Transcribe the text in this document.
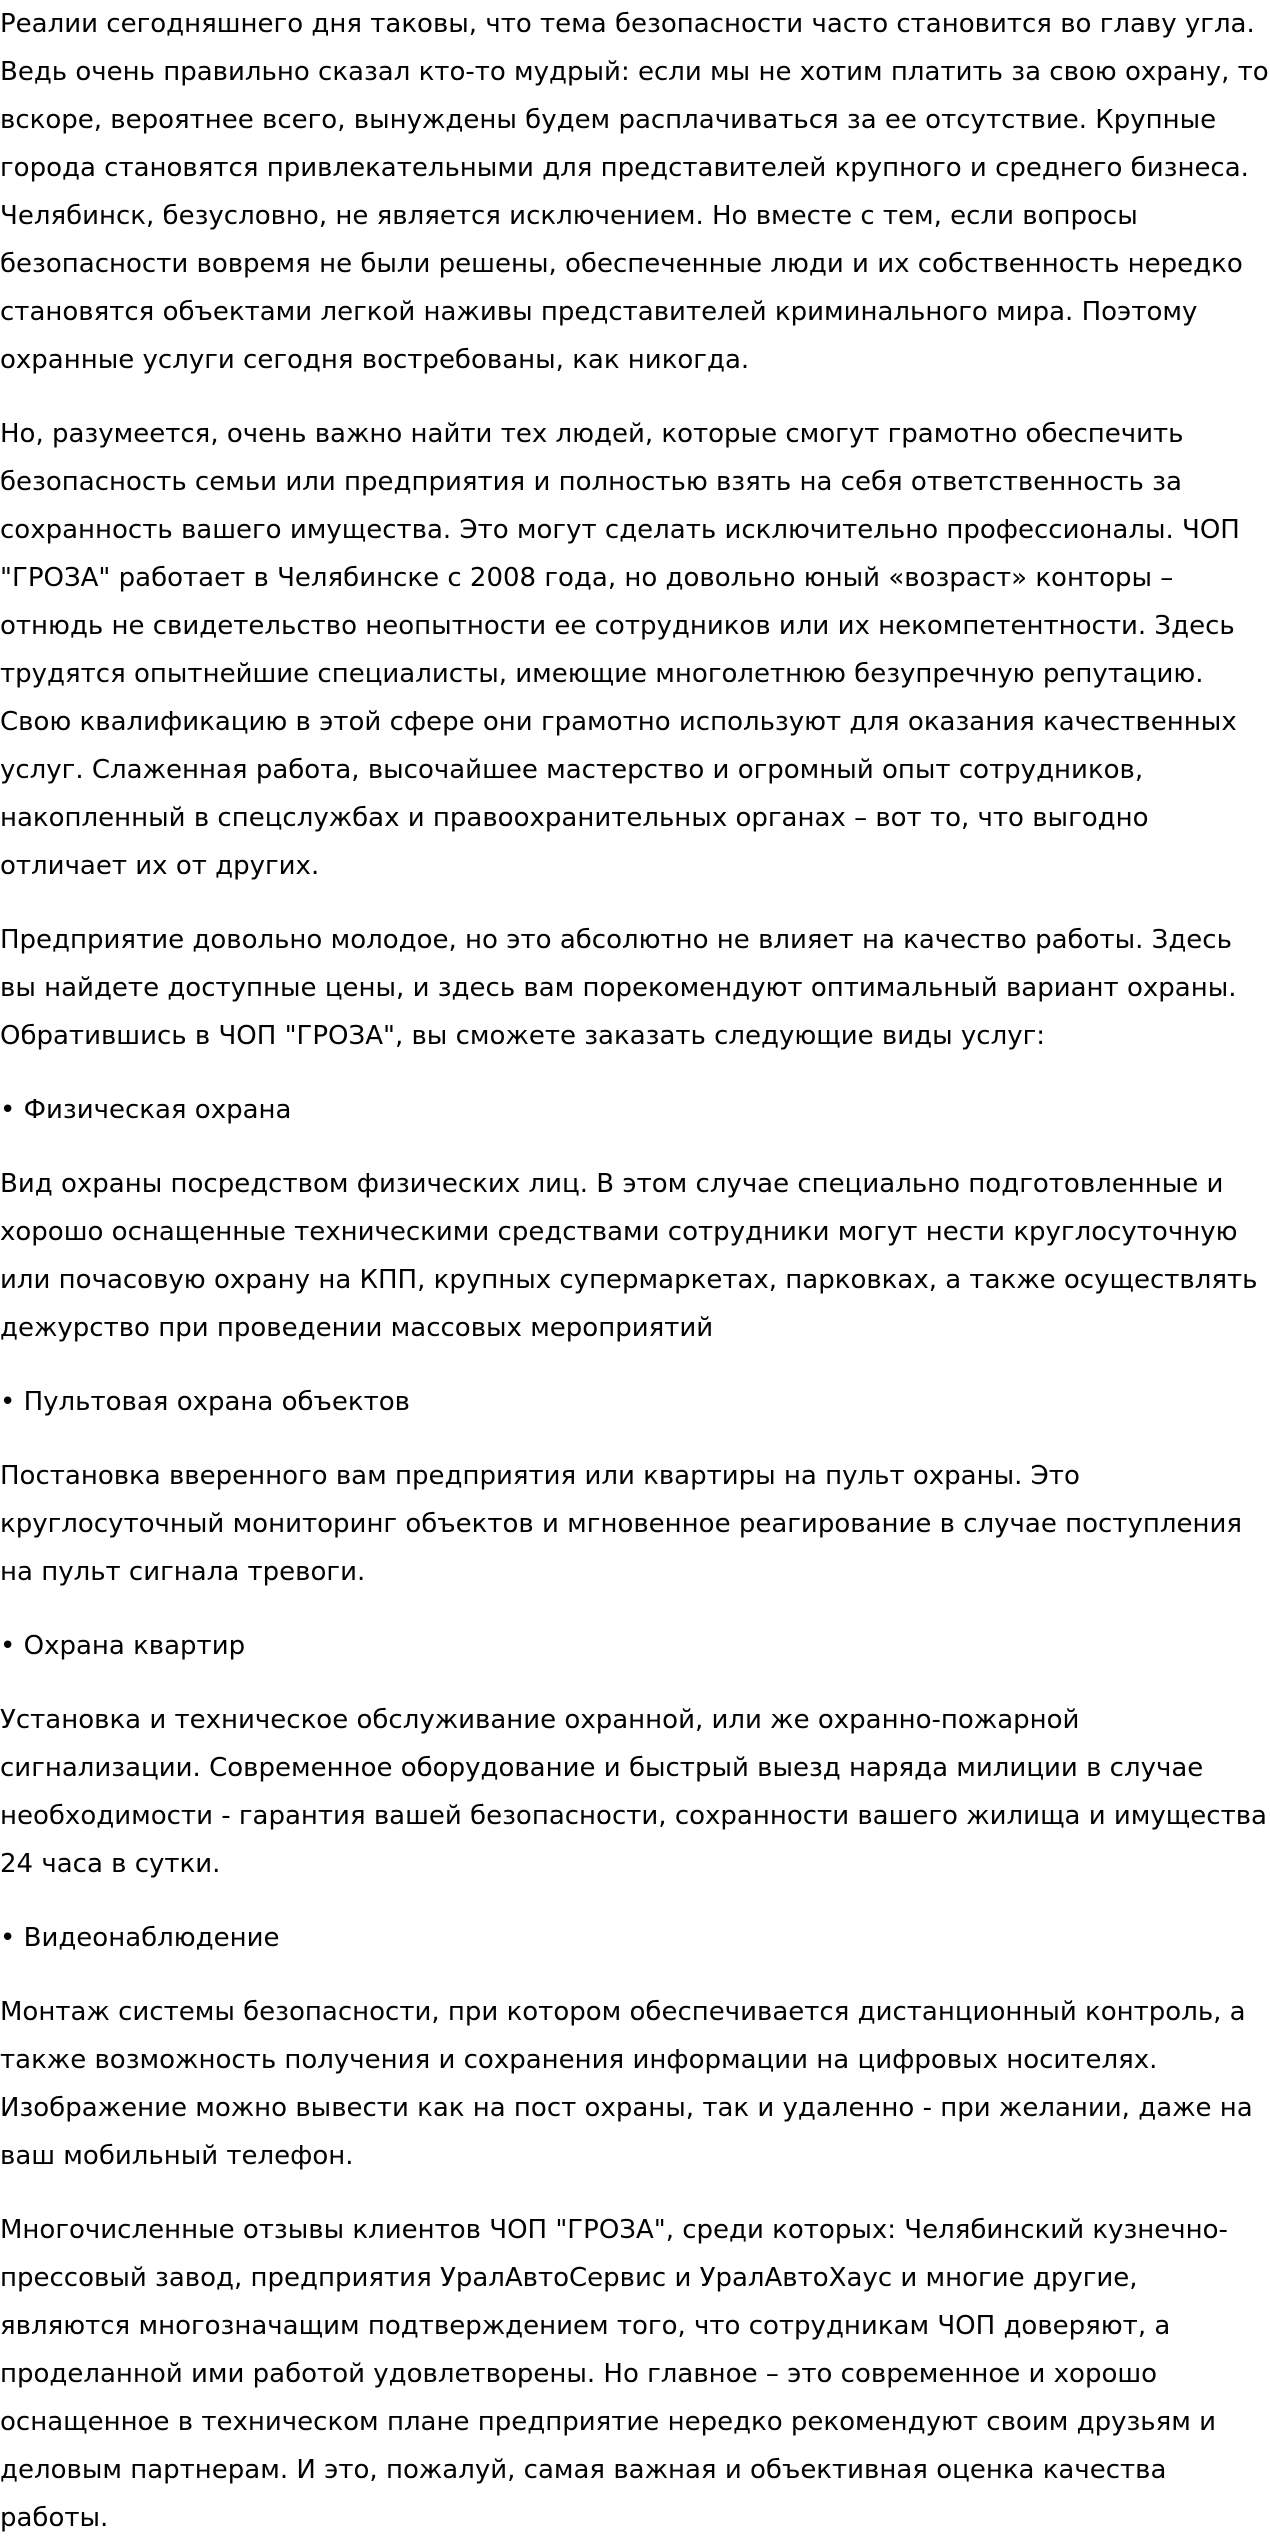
Реалии сегодняшнего дня таковы, что тема безопасности часто становится во главу угла. Ведь очень правильно сказал кто-то мудрый: если мы не хотим платить за свою охрану, то вскоре, вероятнее всего, вынуждены будем расплачиваться за ее отсутствие. Крупные города становятся привлекательными для представителей крупного и среднего бизнеса. Челябинск, безусловно, не является исключением. Но вместе с тем, если вопросы безопасности вовремя не были решены, обеспеченные люди и их собственность нередко становятся объектами легкой наживы представителей криминального мира. Поэтому охранные услуги сегодня востребованы, как никогда.

Но, разумеется, очень важно найти тех людей, которые смогут грамотно обеспечить безопасность семьи или предприятия и полностью взять на себя ответственность за сохранность вашего имущества. Это могут сделать исключительно профессионалы. ЧОП "ГРОЗА" работает в Челябинске с 2008 года, но довольно юный «возраст» конторы – отнюдь не свидетельство неопытности ее сотрудников или их некомпетентности. Здесь трудятся опытнейшие специалисты, имеющие многолетнюю безупречную репутацию. Свою квалификацию в этой сфере они грамотно используют для оказания качественных услуг. Слаженная работа, высочайшее мастерство и огромный опыт сотрудников, накопленный в спецслужбах и правоохранительных органах – вот то, что выгодно отличает их от других.

Предприятие довольно молодое, но это абсолютно не влияет на качество работы. Здесь вы найдете доступные цены, и здесь вам порекомендуют оптимальный вариант охраны. Обратившись в ЧОП "ГРОЗА", вы сможете заказать следующие виды услуг:

• Физическая охрана

Вид охраны посредством физических лиц. В этом случае специально подготовленные и хорошо оснащенные техническими средствами сотрудники могут нести круглосуточную или почасовую охрану на КПП, крупных супермаркетах, парковках, а также осуществлять дежурство при проведении массовых мероприятий

• Пультовая охрана объектов

Постановка вверенного вам предприятия или квартиры на пульт охраны. Это круглосуточный мониторинг объектов и мгновенное реагирование в случае поступления на пульт сигнала тревоги.

• Охрана квартир

Установка и техническое обслуживание охранной, или же охранно-пожарной сигнализации. Современное оборудование и быстрый выезд наряда милиции в случае необходимости - гарантия вашей безопасности, сохранности вашего жилища и имущества 24 часа в сутки.

• Видеонаблюдение

Монтаж системы безопасности, при котором обеспечивается дистанционный контроль, а также возможность получения и сохранения информации на цифровых носителях. Изображение можно вывести как на пост охраны, так и удаленно - при желании, даже на ваш мобильный телефон.

Многочисленные отзывы клиентов ЧОП "ГРОЗА", среди которых: Челябинский кузнечно-прессовый завод, предприятия УралАвтоСервис и УралАвтоХаус и многие другие, являются многозначащим подтверждением того, что сотрудникам ЧОП доверяют, а проделанной ими работой удовлетворены. Но главное – это современное и хорошо оснащенное в техническом плане предприятие нередко рекомендуют своим друзьям и деловым партнерам. И это, пожалуй, самая важная и объективная оценка качества работы.
